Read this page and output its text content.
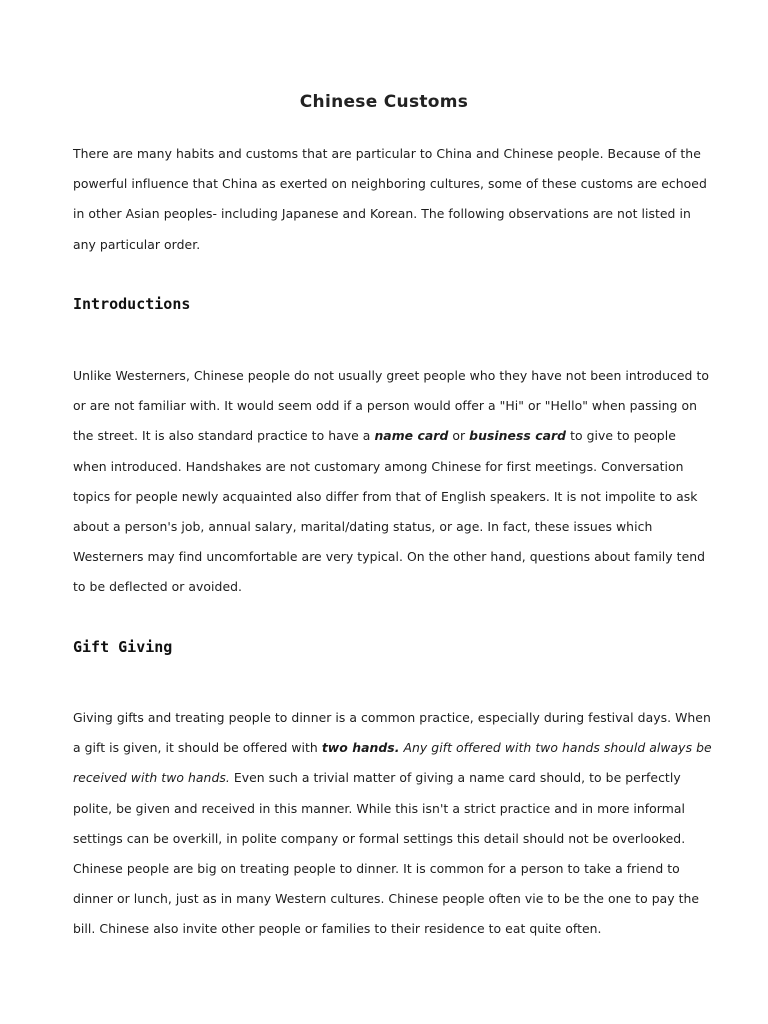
Chinese Customs
There are many habits and customs that are particular to China and Chinese people. Because of the powerful influence that China as exerted on neighboring cultures, some of these customs are echoed in other Asian peoples- including Japanese and Korean. The following observations are not listed in any particular order.
Introductions
Unlike Westerners, Chinese people do not usually greet people who they have not been introduced to or are not familiar with. It would seem odd if a person would offer a "Hi" or "Hello" when passing on the street. It is also standard practice to have a name card or business card to give to people when introduced. Handshakes are not customary among Chinese for first meetings. Conversation topics for people newly acquainted also differ from that of English speakers. It is not impolite to ask about a person's job, annual salary, marital/dating status, or age. In fact, these issues which Westerners may find uncomfortable are very typical. On the other hand, questions about family tend to be deflected or avoided.
Gift Giving
Giving gifts and treating people to dinner is a common practice, especially during festival days. When a gift is given, it should be offered with two hands. Any gift offered with two hands should always be received with two hands. Even such a trivial matter of giving a name card should, to be perfectly polite, be given and received in this manner. While this isn't a strict practice and in more informal settings can be overkill, in polite company or formal settings this detail should not be overlooked.
Chinese people are big on treating people to dinner. It is common for a person to take a friend to dinner or lunch, just as in many Western cultures. Chinese people often vie to be the one to pay the bill. Chinese also invite other people or families to their residence to eat quite often.
